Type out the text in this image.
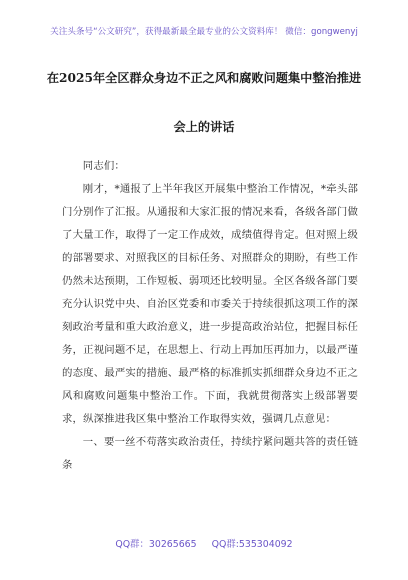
关注头条号“公文研究”，获得最新最全最专业的公文资料库！ 微信：gongwenyj
在2025年全区群众身边不正之风和腐败问题集中整治推进
会上的讲话

同志们：

刚才，*通报了上半年我区开展集中整治工作情况，*牵头部门分别作了汇报。从通报和大家汇报的情况来看，各级各部门做了大量工作，取得了一定工作成效，成绩值得肯定。但对照上级的部署要求、对照我区的目标任务、对照群众的期盼，有些工作仍然未达预期，工作短板、弱项还比较明显。全区各级各部门要充分认识党中央、自治区党委和市委关于持续很抓这项工作的深刻政治考量和重大政治意义，进一步提高政治站位，把握目标任务，正视问题不足，在思想上、行动上再加压再加力，以最严谨的态度、最严实的措施、最严格的标准抓实抓细群众身边不正之风和腐败问题集中整治工作。下面，我就贯彻落实上级部署要求，纵深推进我区集中整治工作取得实效，强调几点意见：

一、要一丝不苟落实政治责任，持续拧紧问题共答的责任链条

QQ群：30265665 QQ群:535304092
